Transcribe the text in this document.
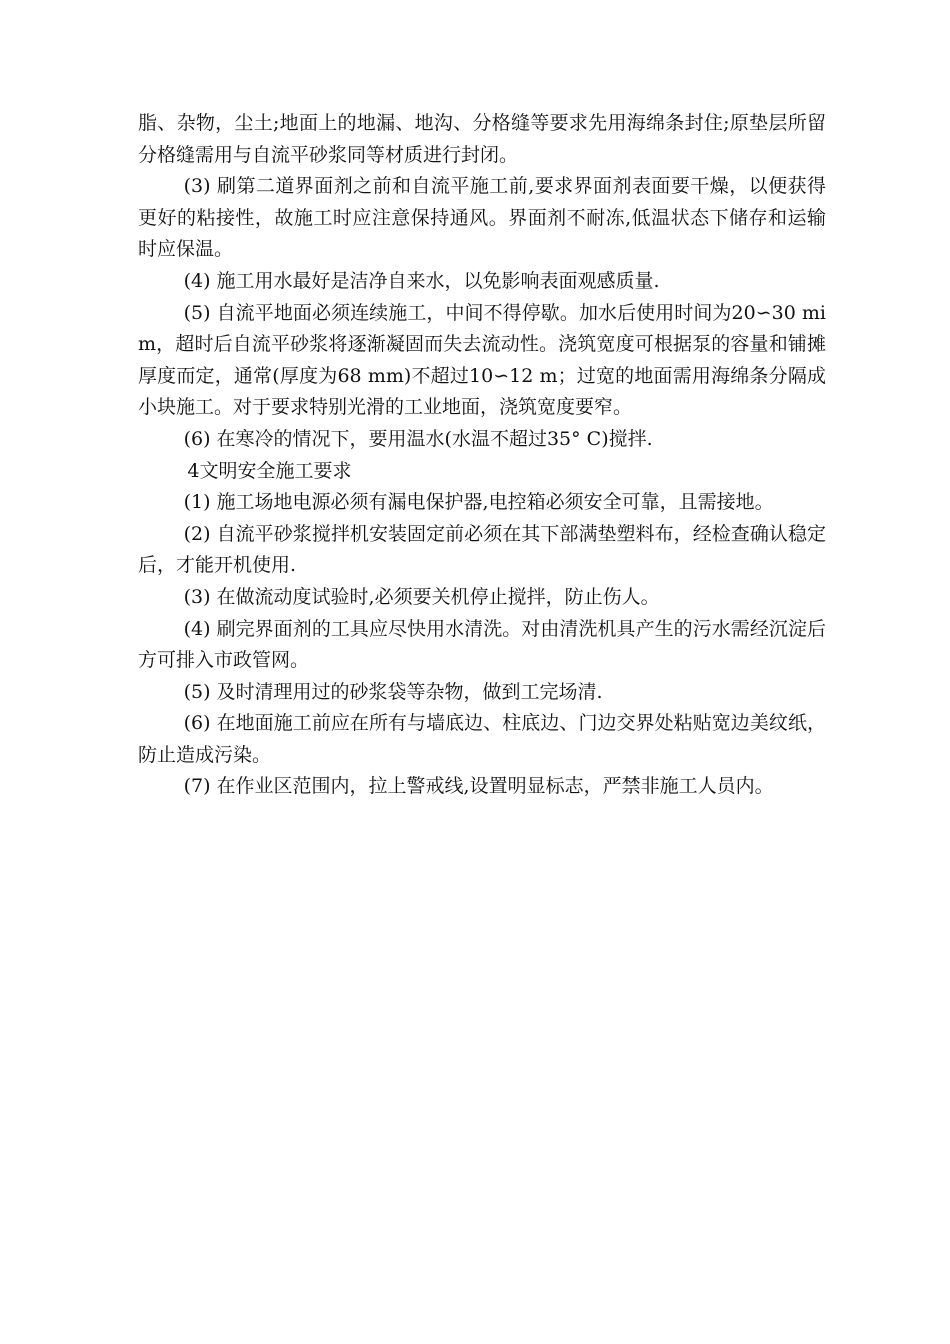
脂、杂物，尘土;地面上的地漏、地沟、分格缝等要求先用海绵条封住;原垫层所留分格缝需用与自流平砂浆同等材质进行封闭。

(3) 刷第二道界面剂之前和自流平施工前,要求界面剂表面要干燥，以便获得更好的粘接性，故施工时应注意保持通风。界面剂不耐冻,低温状态下储存和运输时应保温。

(4) 施工用水最好是洁净自来水，以免影响表面观感质量.

(5) 自流平地面必须连续施工，中间不得停歇。加水后使用时间为20∽30 mim，超时后自流平砂浆将逐渐凝固而失去流动性。浇筑宽度可根据泵的容量和铺摊厚度而定，通常(厚度为68 mm)不超过10∽12 m；过宽的地面需用海绵条分隔成小块施工。对于要求特别光滑的工业地面，浇筑宽度要窄。

(6) 在寒冷的情况下，要用温水(水温不超过35° C)搅拌.

4文明安全施工要求

(1) 施工场地电源必须有漏电保护器,电控箱必须安全可靠，且需接地。

(2) 自流平砂浆搅拌机安装固定前必须在其下部满垫塑料布，经检查确认稳定后，才能开机使用.

(3) 在做流动度试验时,必须要关机停止搅拌，防止伤人。

(4) 刷完界面剂的工具应尽快用水清洗。对由清洗机具产生的污水需经沉淀后方可排入市政管网。

(5) 及时清理用过的砂浆袋等杂物，做到工完场清.

(6) 在地面施工前应在所有与墙底边、柱底边、门边交界处粘贴宽边美纹纸，防止造成污染。

(7) 在作业区范围内，拉上警戒线,设置明显标志，严禁非施工人员内。
